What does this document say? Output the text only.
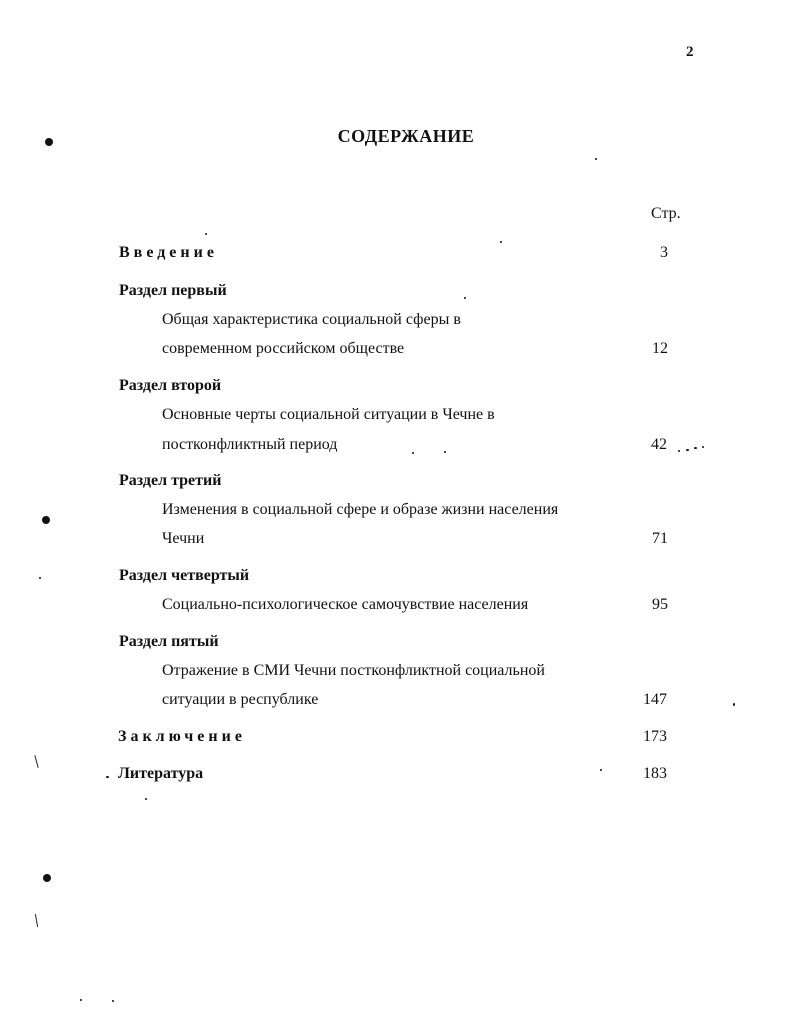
2
СОДЕРЖАНИЕ
Стр.
Введение	3
Раздел первый
Общая характеристика социальной сферы в
современном российском обществе	12
Раздел второй
Основные черты социальной ситуации в Чечне в
постконфликтный период	42
Раздел третий
Изменения в социальной сфере и образе жизни населения
Чечни	71
Раздел четвертый
Социально-психологическое самочувствие населения	95
Раздел пятый
Отражение в СМИ Чечни постконфликтной социальной
ситуации в республике	147
Заключение	173
Литература	183
